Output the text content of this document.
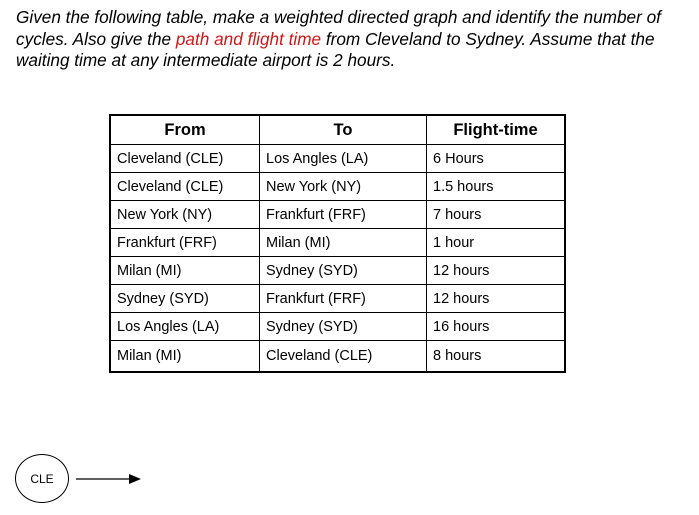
Given the following table, make a weighted directed graph and identify the number of cycles. Also give the path and flight time from Cleveland to Sydney. Assume that the waiting time at any intermediate airport is 2 hours.
From	To	Flight-time
Cleveland (CLE)	Los Angles (LA)	6 Hours
Cleveland (CLE)	New York (NY)	1.5 hours
New York (NY)	Frankfurt (FRF)	7 hours
Frankfurt (FRF)	Milan (MI)	1 hour
Milan (MI)	Sydney (SYD)	12 hours
Sydney (SYD)	Frankfurt (FRF)	12 hours
Los Angles (LA)	Sydney (SYD)	16 hours
Milan (MI)	Cleveland (CLE)	8 hours
CLE
